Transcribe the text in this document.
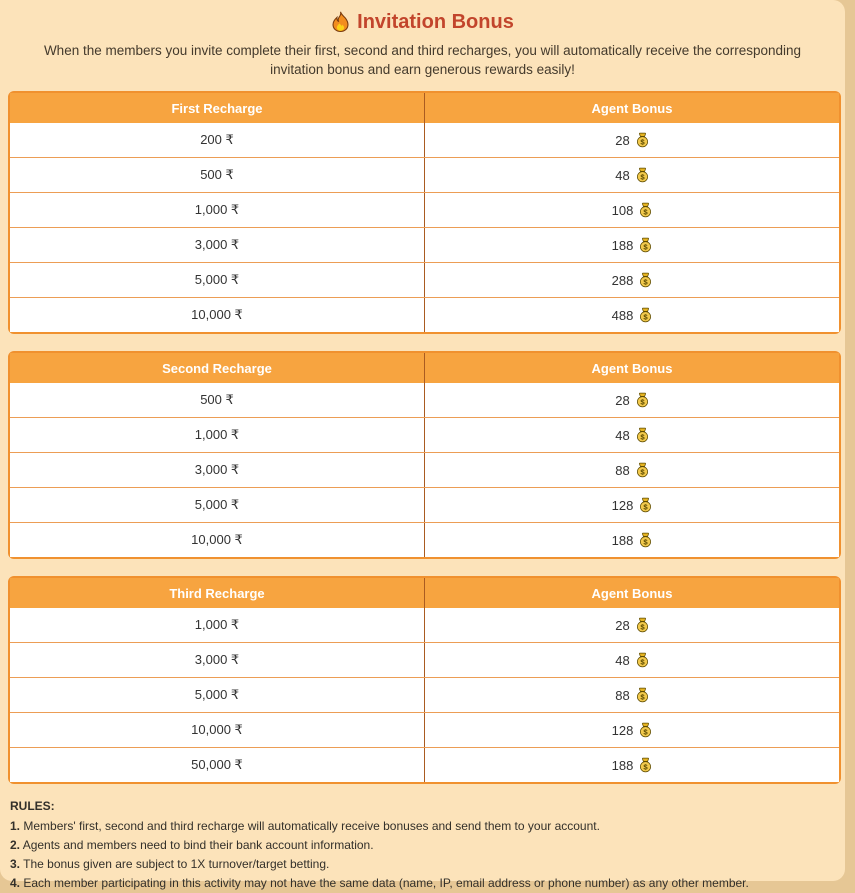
Invitation Bonus
When the members you invite complete their first, second and third recharges, you will automatically receive the corresponding invitation bonus and earn generous rewards easily!
First Recharge	Agent Bonus
200 ₹	28 $
500 ₹	48 $
1,000 ₹	108 $
3,000 ₹	188 $
5,000 ₹	288 $
10,000 ₹	488 $
Second Recharge	Agent Bonus
500 ₹	28 $
1,000 ₹	48 $
3,000 ₹	88 $
5,000 ₹	128 $
10,000 ₹	188 $
Third Recharge	Agent Bonus
1,000 ₹	28 $
3,000 ₹	48 $
5,000 ₹	88 $
10,000 ₹	128 $
50,000 ₹	188 $
RULES:
1. Members' first, second and third recharge will automatically receive bonuses and send them to your account.
2. Agents and members need to bind their bank account information.
3. The bonus given are subject to 1X turnover/target betting.
4. Each member participating in this activity may not have the same data (name, IP, email address or phone number) as any other member.
